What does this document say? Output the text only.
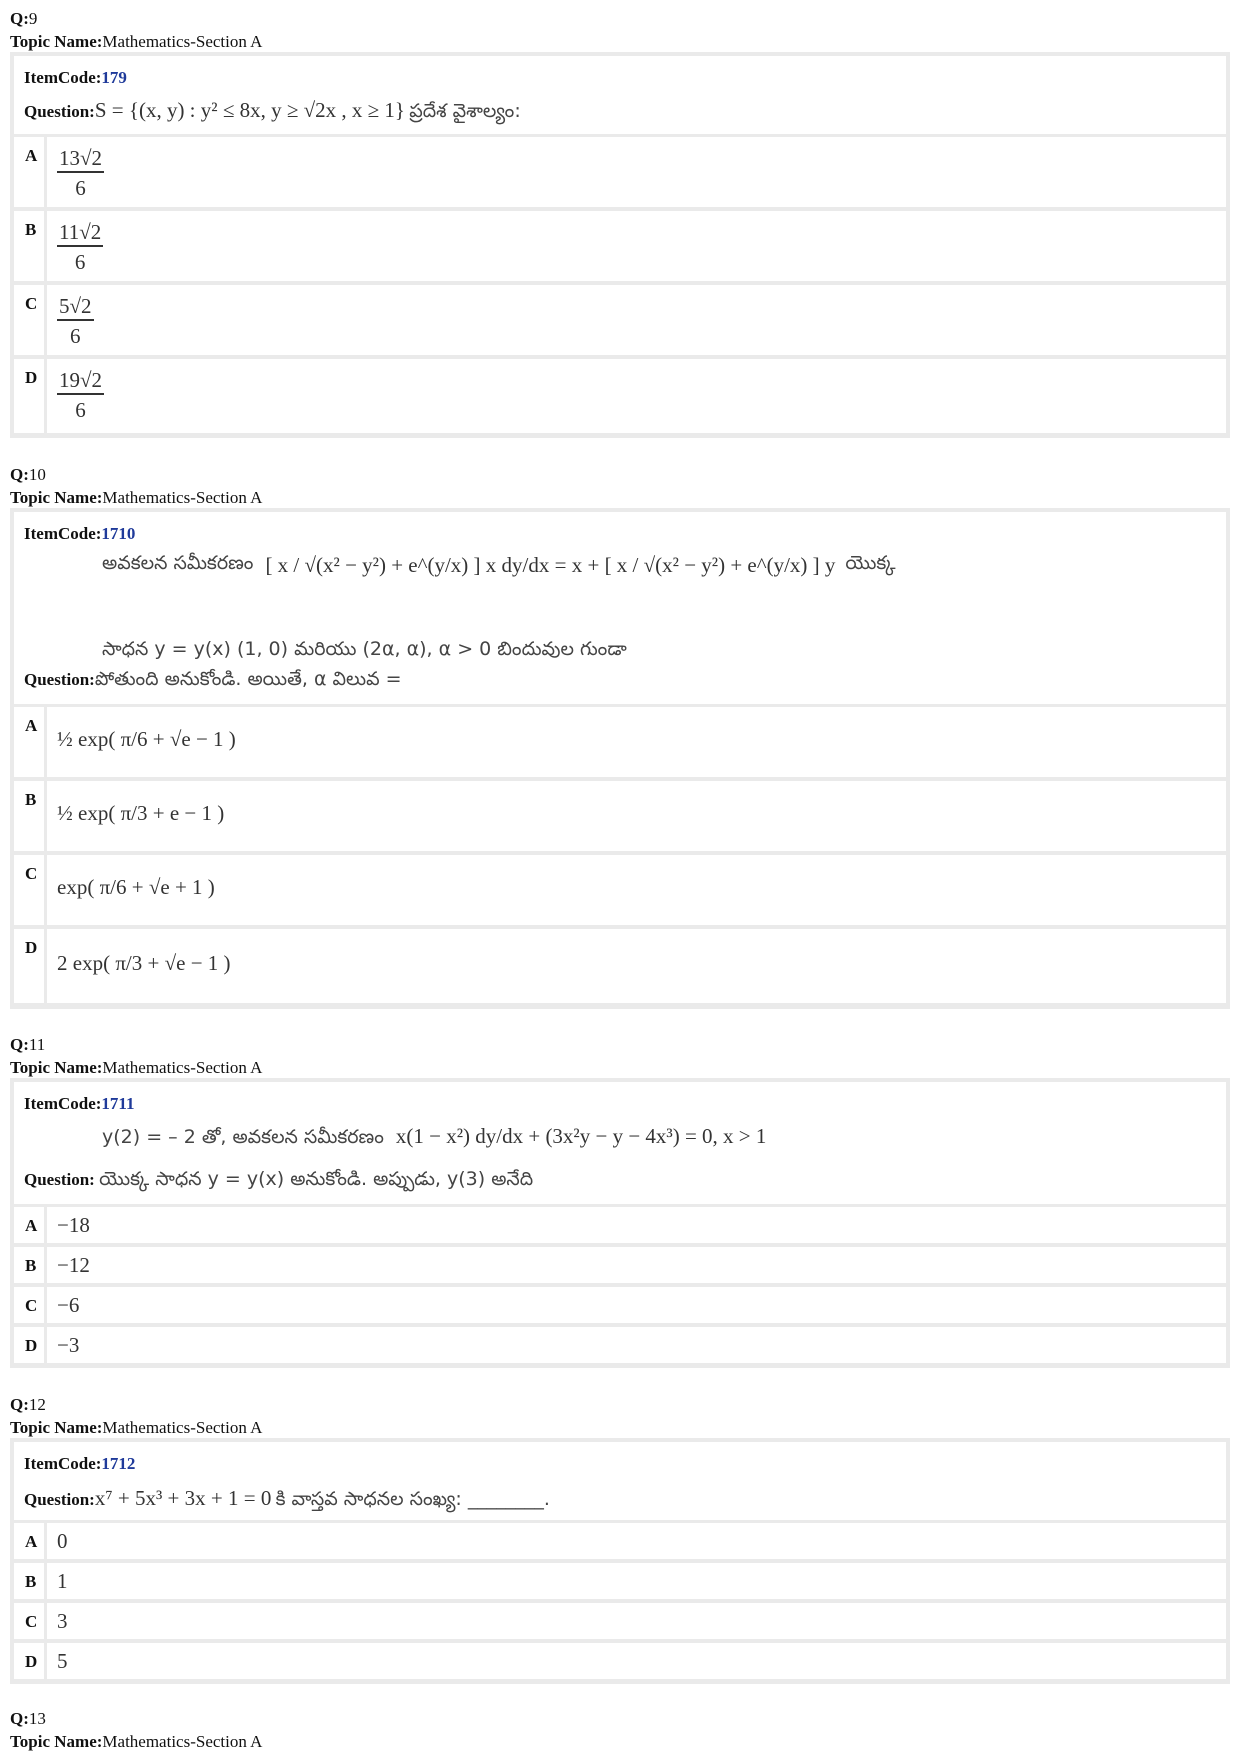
Q:9
Topic Name:Mathematics-Section A
ItemCode:179
Question:S = {(x, y) : y² ≤ 8x, y ≥ √2x , x ≥ 1} ప్రదేశ వైశాల్యం:
A $\frac{13√2}{6}$
B $\frac{11√2}{6}$
C $\frac{5√2}{6}$
D $\frac{19√2}{6}$
Q:10
Topic Name:Mathematics-Section A
ItemCode:1710
అవకలన సమీకరణం [ x / √(x² − y²) + e^(y/x) ] x dy/dx = x + [ x / √(x² − y²) + e^(y/x) ] y యొక్క
సాధన y = y(x) (1, 0) మరియు (2α, α), α > 0 బిందువుల గుండా
Question:పోతుంది అనుకోండి. అయితే, α విలువ =
A
½ exp( π/6 + √e − 1 )
B
½ exp( π/3 + e − 1 )
C
exp( π/6 + √e + 1 )
D
2 exp( π/3 + √e − 1 )
Q:11
Topic Name:Mathematics-Section A
ItemCode:1711
y(2) = – 2 తో, అవకలన సమీకరణం x(1 − x²) dy/dx + (3x²y − y − 4x³) = 0, x > 1
Question: యొక్క సాధన y = y(x) అనుకోండి. అప్పుడు, y(3) అనేది
A −18
B −12
C −6
D −3
Q:12
Topic Name:Mathematics-Section A
ItemCode:1712
Question:x⁷ + 5x³ + 3x + 1 = 0 కి వాస్తవ సాధనల సంఖ్య: ________.
A 0
B 1
C 3
D 5
Q:13
Topic Name:Mathematics-Section A
